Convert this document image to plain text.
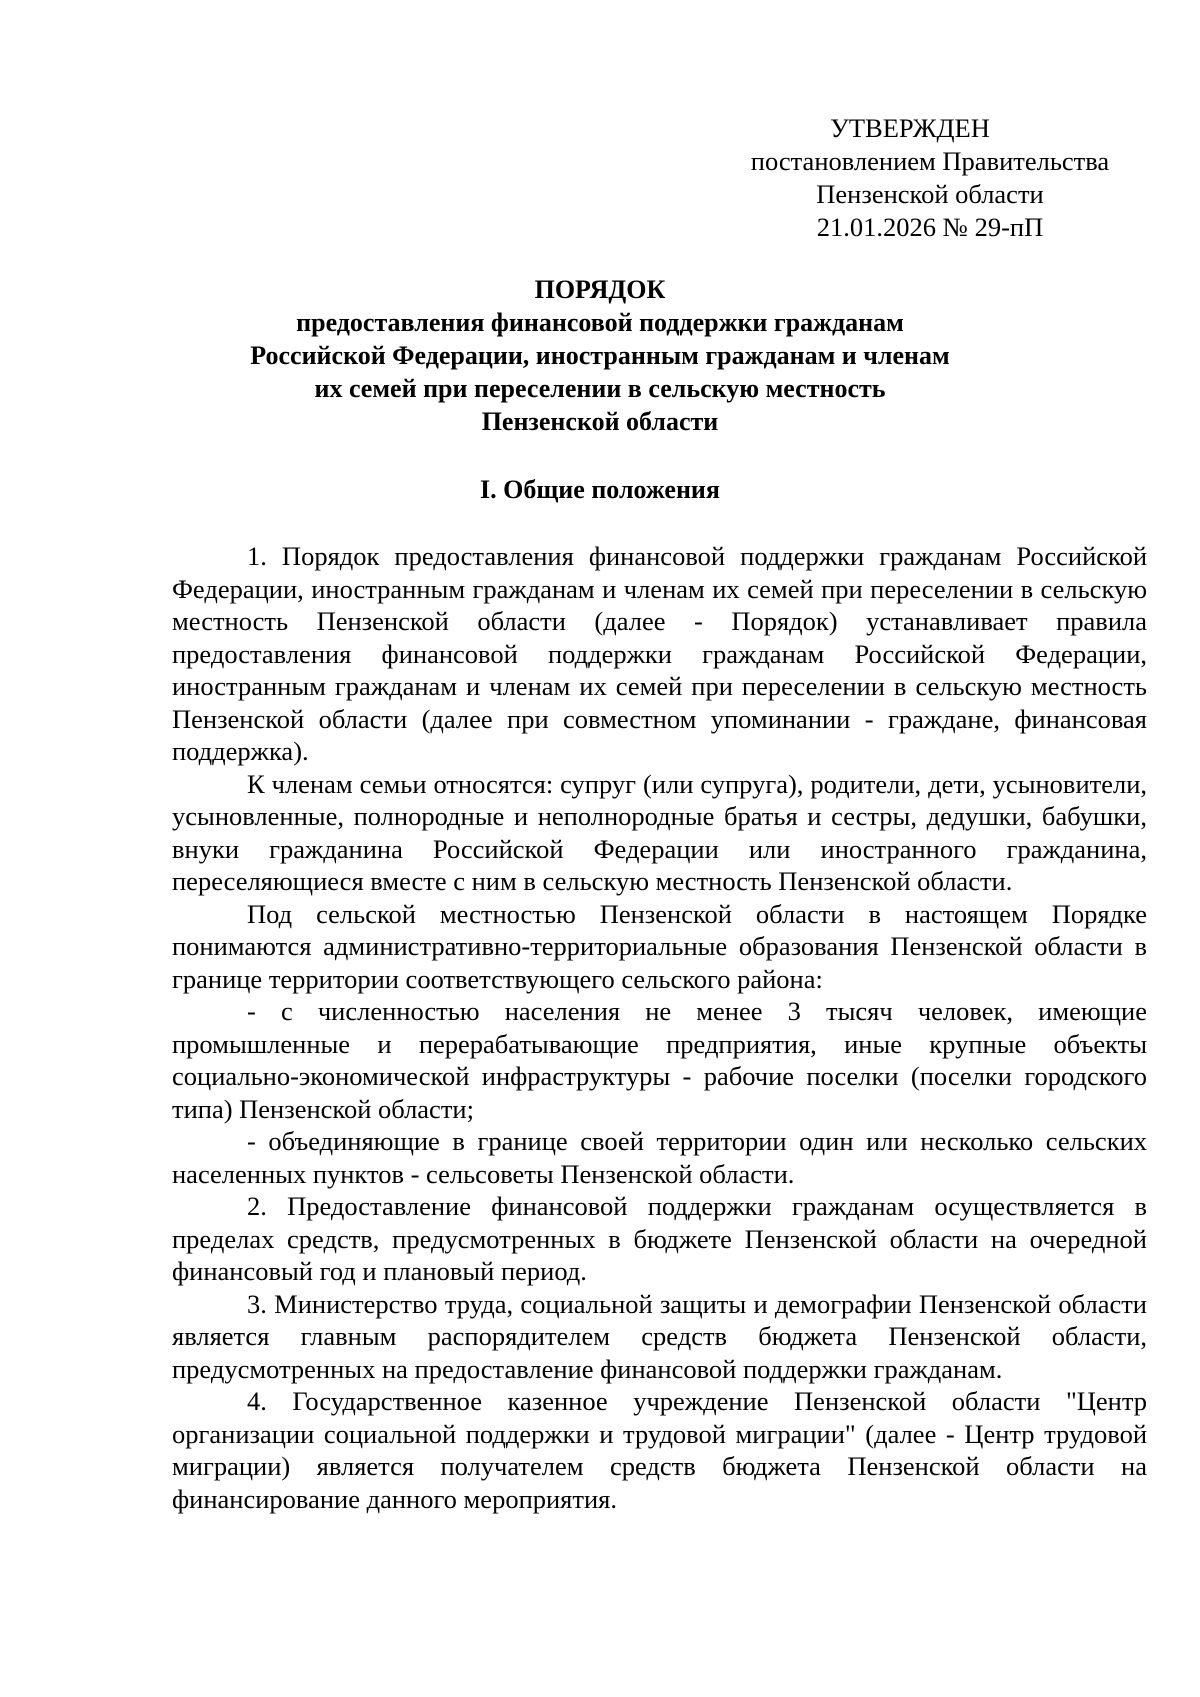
УТВЕРЖДЕН
постановлением Правительства
Пензенской области
21.01.2026 № 29-пП
ПОРЯДОК
предоставления финансовой поддержки гражданам
Российской Федерации, иностранным гражданам и членам
их семей при переселении в сельскую местность
Пензенской области
I. Общие положения

1. Порядок предоставления финансовой поддержки гражданам Российской Федерации, иностранным гражданам и членам их семей при переселении в сельскую местность Пензенской области (далее - Порядок) устанавливает правила предоставления финансовой поддержки гражданам Российской Федерации, иностранным гражданам и членам их семей при переселении в сельскую местность Пензенской области (далее при совместном упоминании - граждане, финансовая поддержка).

К членам семьи относятся: супруг (или супруга), родители, дети, усыновители, усыновленные, полнородные и неполнородные братья и сестры, дедушки, бабушки, внуки гражданина Российской Федерации или иностранного гражданина, переселяющиеся вместе с ним в сельскую местность Пензенской области.

Под сельской местностью Пензенской области в настоящем Порядке понимаются административно-территориальные образования Пензенской области в границе территории соответствующего сельского района:

- с численностью населения не менее 3 тысяч человек, имеющие промышленные и перерабатывающие предприятия, иные крупные объекты социально-экономической инфраструктуры - рабочие поселки (поселки городского типа) Пензенской области;

- объединяющие в границе своей территории один или несколько сельских населенных пунктов - сельсоветы Пензенской области.

2. Предоставление финансовой поддержки гражданам осуществляется в пределах средств, предусмотренных в бюджете Пензенской области на очередной финансовый год и плановый период.

3. Министерство труда, социальной защиты и демографии Пензенской области является главным распорядителем средств бюджета Пензенской области, предусмотренных на предоставление финансовой поддержки гражданам.

4. Государственное казенное учреждение Пензенской области "Центр организации социальной поддержки и трудовой миграции" (далее - Центр трудовой миграции) является получателем средств бюджета Пензенской области на финансирование данного мероприятия.
